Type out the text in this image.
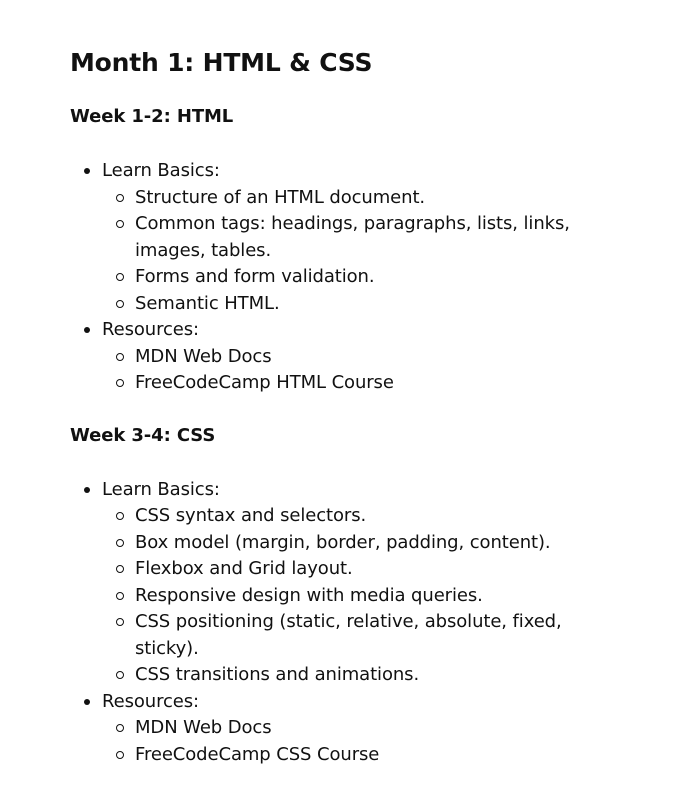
Month 1: HTML & CSS
Week 1-2: HTML
Learn Basics:
Structure of an HTML document.
Common tags: headings, paragraphs, lists, links, images, tables.
Forms and form validation.
Semantic HTML.
Resources:
MDN Web Docs
FreeCodeCamp HTML Course
Week 3-4: CSS
Learn Basics:
CSS syntax and selectors.
Box model (margin, border, padding, content).
Flexbox and Grid layout.
Responsive design with media queries.
CSS positioning (static, relative, absolute, fixed, sticky).
CSS transitions and animations.
Resources:
MDN Web Docs
FreeCodeCamp CSS Course
